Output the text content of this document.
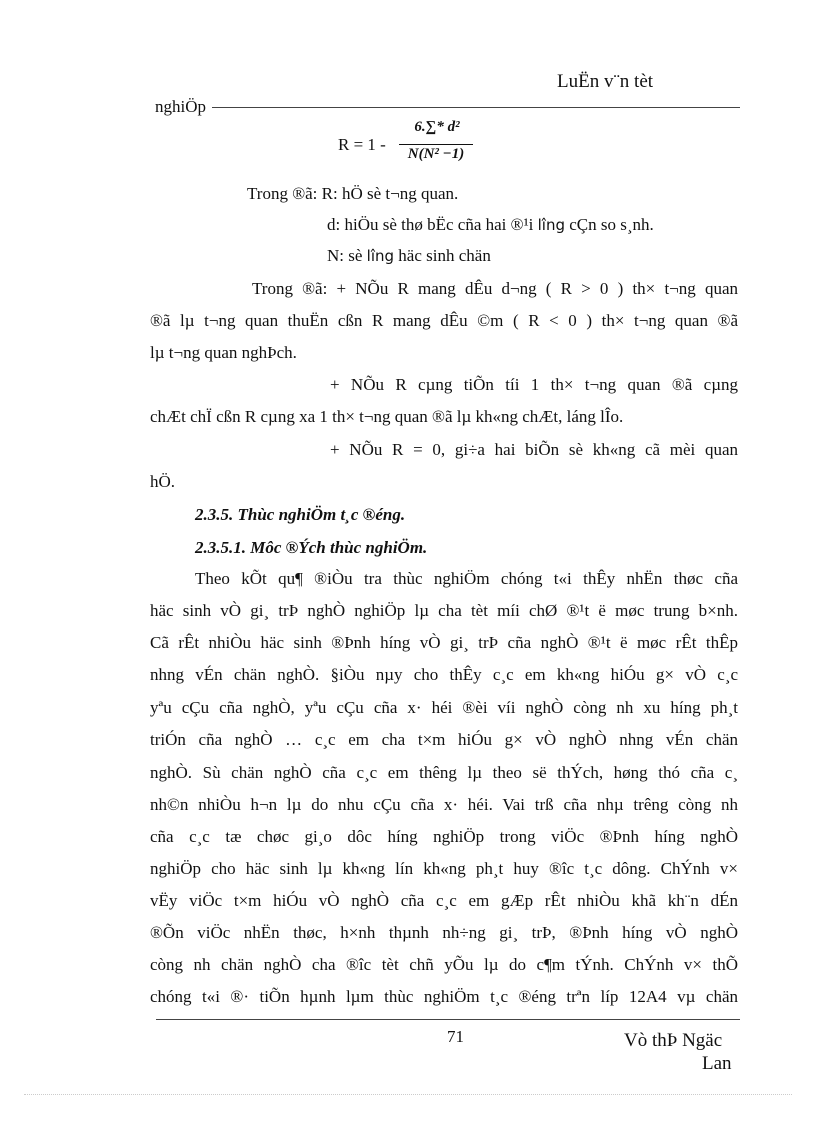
LuËn v¨n tèt
nghiÖp
R = 1 -
6.∑* d²
N(N² −1)
Trong ®ã: R: hÖ sè t¬ng quan.
d: hiÖu sè thø bËc cña hai ®¹i lîng cÇn so s¸nh.
N: sè lîng häc sinh chän
Trong ®ã: + NÕu R mang dÊu d¬ng ( R > 0 ) th× t¬ng quan
®ã lµ t¬ng quan thuËn cßn R mang dÊu ©m ( R < 0 ) th× t¬ng quan ®ã
lµ t¬ng quan nghÞch.
+ NÕu R cµng tiÕn tíi 1 th× t¬ng quan ®ã cµng
chÆt chÏ cßn R cµng xa 1 th× t¬ng quan ®ã lµ kh«ng chÆt, láng lÎo.
+ NÕu R = 0, gi÷a hai biÕn sè kh«ng cã mèi quan
hÖ.
2.3.5. Thùc nghiÖm t¸c ®éng.
2.3.5.1. Môc ®Ých thùc nghiÖm.
Theo kÕt qu¶ ®iÒu tra thùc nghiÖm chóng t«i thÊy nhËn thøc cña
häc sinh vÒ gi¸ trÞ nghÒ nghiÖp lµ cha tèt míi chØ ®¹t ë møc trung b×nh.
Cã rÊt nhiÒu häc sinh ®Þnh híng vÒ gi¸ trÞ cña nghÒ ®¹t ë møc rÊt thÊp
nhng vÉn chän nghÒ. §iÒu nµy cho thÊy c¸c em kh«ng hiÓu g× vÒ c¸c
yªu cÇu cña nghÒ, yªu cÇu cña x· héi ®èi víi nghÒ còng nh xu híng ph¸t
triÓn cña nghÒ … c¸c em cha t×m hiÓu g× vÒ nghÒ nhng vÉn chän
nghÒ. Sù chän nghÒ cña c¸c em thêng lµ theo së thÝch, høng thó cña c¸
nh©n nhiÒu h¬n lµ do nhu cÇu cña x· héi. Vai trß cña nhµ trêng còng nh
cña c¸c tæ chøc gi¸o dôc híng nghiÖp trong viÖc ®Þnh híng nghÒ
nghiÖp cho häc sinh lµ kh«ng lín kh«ng ph¸t huy ®îc t¸c dông. ChÝnh v×
vËy viÖc t×m hiÓu vÒ nghÒ cña c¸c em gÆp rÊt nhiÒu khã kh¨n dÉn
®Õn viÖc nhËn thøc, h×nh thµnh nh÷ng gi¸ trÞ, ®Þnh híng vÒ nghÒ
còng nh chän nghÒ cha ®îc tèt chñ yÕu lµ do c¶m tÝnh. ChÝnh v× thÕ
chóng t«i ®· tiÕn hµnh lµm thùc nghiÖm t¸c ®éng trªn líp 12A4 vµ chän
71	Vò thÞ Ngäc
Lan
